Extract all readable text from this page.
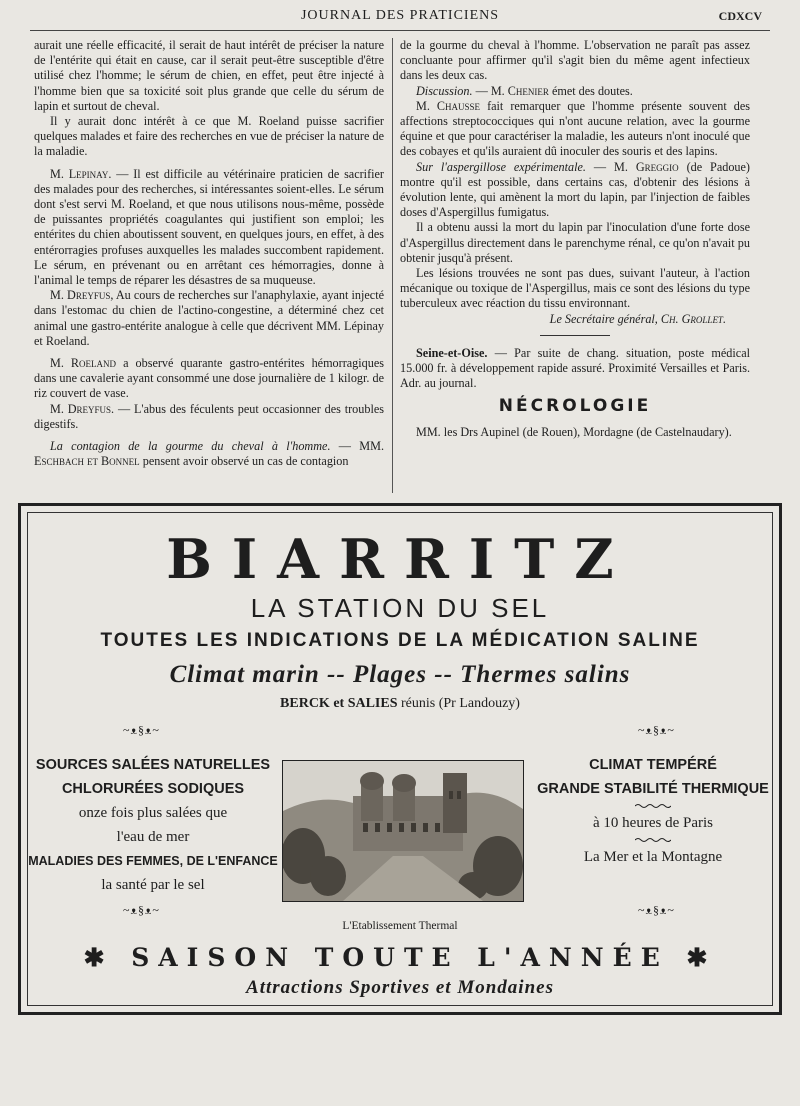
JOURNAL DES PRATICIENS	CDXCV

aurait une réelle efficacité, il serait de haut intérêt de préciser la nature de l'entérite qui était en cause, car il serait peut-être susceptible d'être utilisé chez l'homme; le sérum de chien, en effet, peut être injecté à l'homme bien que sa toxicité soit plus grande que celle du sérum de lapin et surtout de cheval.

Il y aurait donc intérêt à ce que M. Roeland puisse sacrifier quelques malades et faire des recherches en vue de préciser la nature de la maladie.

M. Lepinay. — Il est difficile au vétérinaire praticien de sacrifier des malades pour des recherches, si intéressantes soient-elles. Le sérum dont s'est servi M. Roeland, et que nous utilisons nous-même, possède de puissantes propriétés coagulantes qui justifient son emploi; les entérites du chien aboutissent souvent, en quelques jours, en effet, à des entérorragies profuses auxquelles les malades succombent rapidement. Le sérum, en prévenant ou en arrêtant ces hémorragies, donne à l'animal le temps de réparer les désastres de sa muqueuse.

M. Dreyfus, Au cours de recherches sur l'anaphylaxie, ayant injecté dans l'estomac du chien de l'actino-congestine, a déterminé chez cet animal une gastro-entérite analogue à celle que décrivent MM. Lépinay et Roeland.

M. Roeland a observé quarante gastro-entérites hémorragiques dans une cavalerie ayant consommé une dose journalière de 1 kilogr. de riz couvert de vase.

M. Dreyfus. — L'abus des féculents peut occasionner des troubles digestifs.

La contagion de la gourme du cheval à l'homme. — MM. Eschbach et Bonnel pensent avoir observé un cas de contagion

de la gourme du cheval à l'homme. L'observation ne paraît pas assez concluante pour affirmer qu'il s'agit bien du même agent infectieux dans les deux cas.

Discussion. — M. Chenier émet des doutes.

M. Chausse fait remarquer que l'homme présente souvent des affections streptococciques qui n'ont aucune relation, avec la gourme équine et que pour caractériser la maladie, les auteurs n'ont inoculé que des cobayes et qu'ils auraient dû inoculer des souris et des lapins.

Sur l'aspergillose expérimentale. — M. Greggio (de Padoue) montre qu'il est possible, dans certains cas, d'obtenir des lésions à évolution lente, qui amènent la mort du lapin, par l'injection de faibles doses d'Aspergillus fumigatus.

Il a obtenu aussi la mort du lapin par l'inoculation d'une forte dose d'Aspergillus directement dans le parenchyme rénal, ce qu'on n'avait pu obtenir jusqu'à présent.

Les lésions trouvées ne sont pas dues, suivant l'auteur, à l'action mécanique ou toxique de l'Aspergillus, mais ce sont des lésions du type tuberculeux avec réaction du tissu environnant.

Le Secrétaire général, Ch. Grollet.

Seine-et-Oise. — Par suite de chang. situation, poste médical 15.000 fr. à développement rapide assuré. Proximité Versailles et Paris. Adr. au journal.

NÉCROLOGIE

MM. les Drs Aupinel (de Rouen), Mordagne (de Castelnaudary).

BIARRITZ
LA STATION DU SEL
TOUTES LES INDICATIONS DE LA MÉDICATION SALINE
Climat marin -- Plages -- Thermes salins
BERCK et SALIES réunis (Pr Landouzy)
~ᴥ§ᴥ~	~ᴥ§ᴥ~
SOURCES SALÉES NATURELLES
CHLORURÉES SODIQUES
onze fois plus salées que
l'eau de mer
MALADIES DES FEMMES, DE L'ENFANCE
la santé par le sel
CLIMAT TEMPÉRÉ
GRANDE STABILITÉ THERMIQUE
à 10 heures de Paris
La Mer et la Montagne
~ᴥ§ᴥ~	~ᴥ§ᴥ~
L'Etablissement Thermal
✱ SAISON TOUTE L'ANNÉE ✱
Attractions Sportives et Mondaines
